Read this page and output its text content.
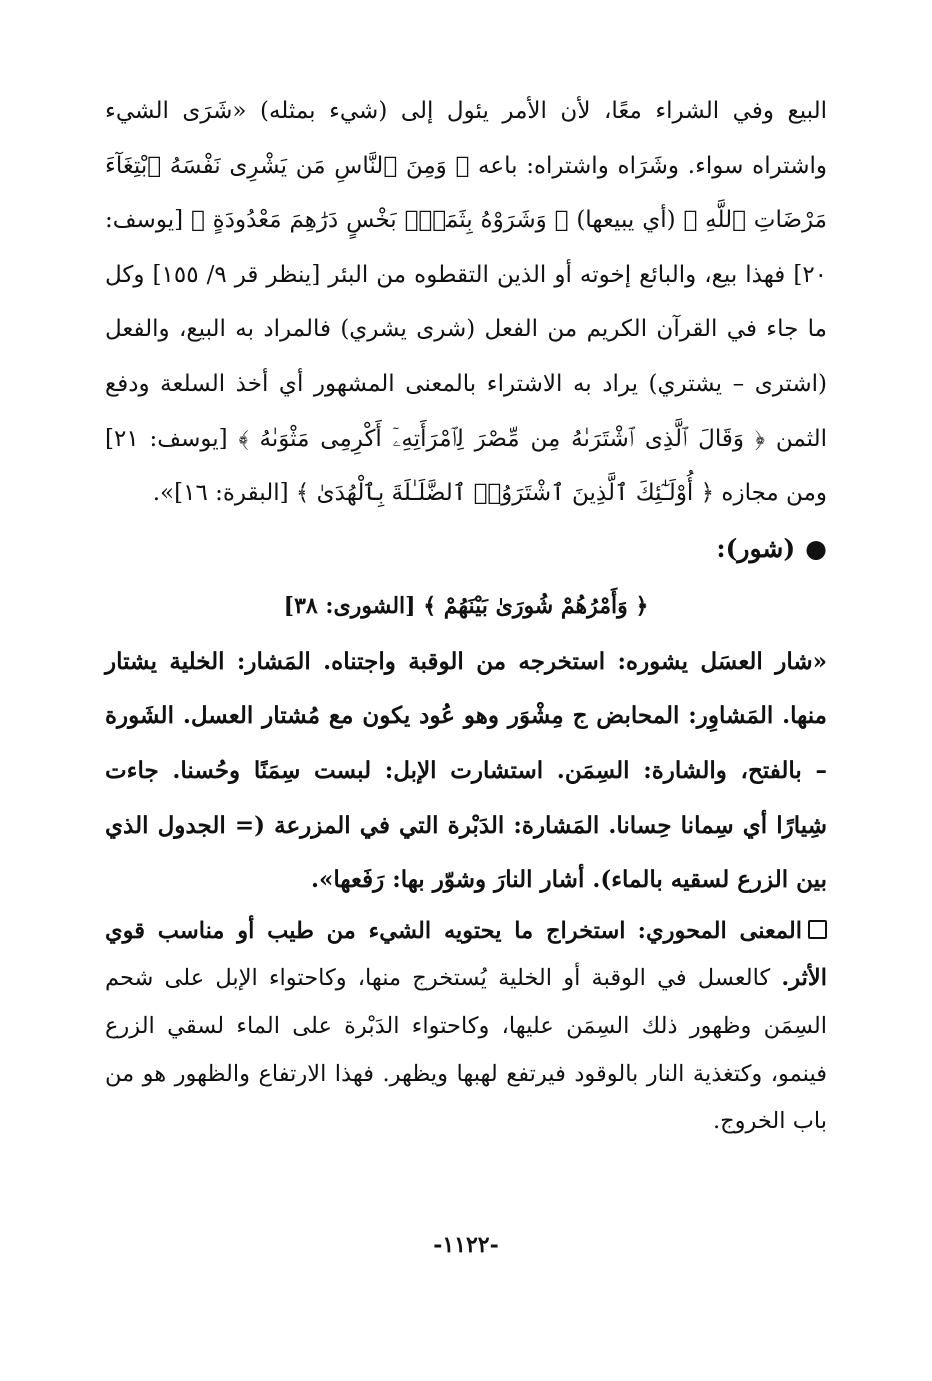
البيع وفي الشراء معًا، لأن الأمر يئول إلى (شيء بمثله) «شَرَى الشيء واشتراه سواء. وشَرَاه واشتراه: باعه ﴿ وَمِنَ ٱلنَّاسِ مَن يَشْرِى نَفْسَهُ ٱبْتِغَآءَ مَرْضَاتِ ٱللَّهِ ﴾ (أي يبيعها) ﴿ وَشَرَوْهُ بِثَمَنٍۭ بَخْسٍ دَرَٰهِمَ مَعْدُودَةٍ ﴾ [يوسف: ٢٠] فهذا بيع، والبائع إخوته أو الذين التقطوه من البئر [ينظر قر ٩/ ١٥٥] وكل ما جاء في القرآن الكريم من الفعل (شرى يشري) فالمراد به البيع، والفعل (اشترى – يشتري) يراد به الاشتراء بالمعنى المشهور أي أخذ السلعة ودفع الثمن ﴿ وَقَالَ ٱلَّذِى ٱشْتَرَىٰهُ مِن مِّصْرَ لِٱمْرَأَتِهِۦٓ أَكْرِمِى مَثْوَىٰهُ ﴾ [يوسف: ٢١] ومن مجازه ﴿ أُوْلَـٰٓئِكَ ٱلَّذِينَ ٱشْتَرَوُا۟ ٱلضَّلَـٰلَةَ بِٱلْهُدَىٰ ﴾ [البقرة: ١٦]».

●(شور):

﴿ وَأَمْرُهُمْ شُورَىٰ بَيْنَهُمْ ﴾ [الشورى: ٣٨]

«شار العسَل يشوره: استخرجه من الوقبة واجتناه. المَشار: الخلية يشتار منها. المَشاوِر: المحابض ج مِشْوَر وهو عُود يكون مع مُشتار العسل. الشَورة – بالفتح، والشارة: السِمَن. استشارت الإبل: لبست سِمَنًا وحُسنا. جاءت شِيارًا أي سِمانا حِسانا. المَشارة: الدَبْرة التي في المزرعة (= الجدول الذي بين الزرع لسقيه بالماء). أشار النارَ وشوّر بها: رَفَعها».

المعنى المحوري: استخراج ما يحتويه الشيء من طيب أو مناسب قوي الأثر. كالعسل في الوقبة أو الخلية يُستخرج منها، وكاحتواء الإبل على شحم السِمَن وظهور ذلك السِمَن عليها، وكاحتواء الدَبْرة على الماء لسقي الزرع فينمو، وكتغذية النار بالوقود فيرتفع لهبها ويظهر. فهذا الارتفاع والظهور هو من باب الخروج.

-١١٢٢-
